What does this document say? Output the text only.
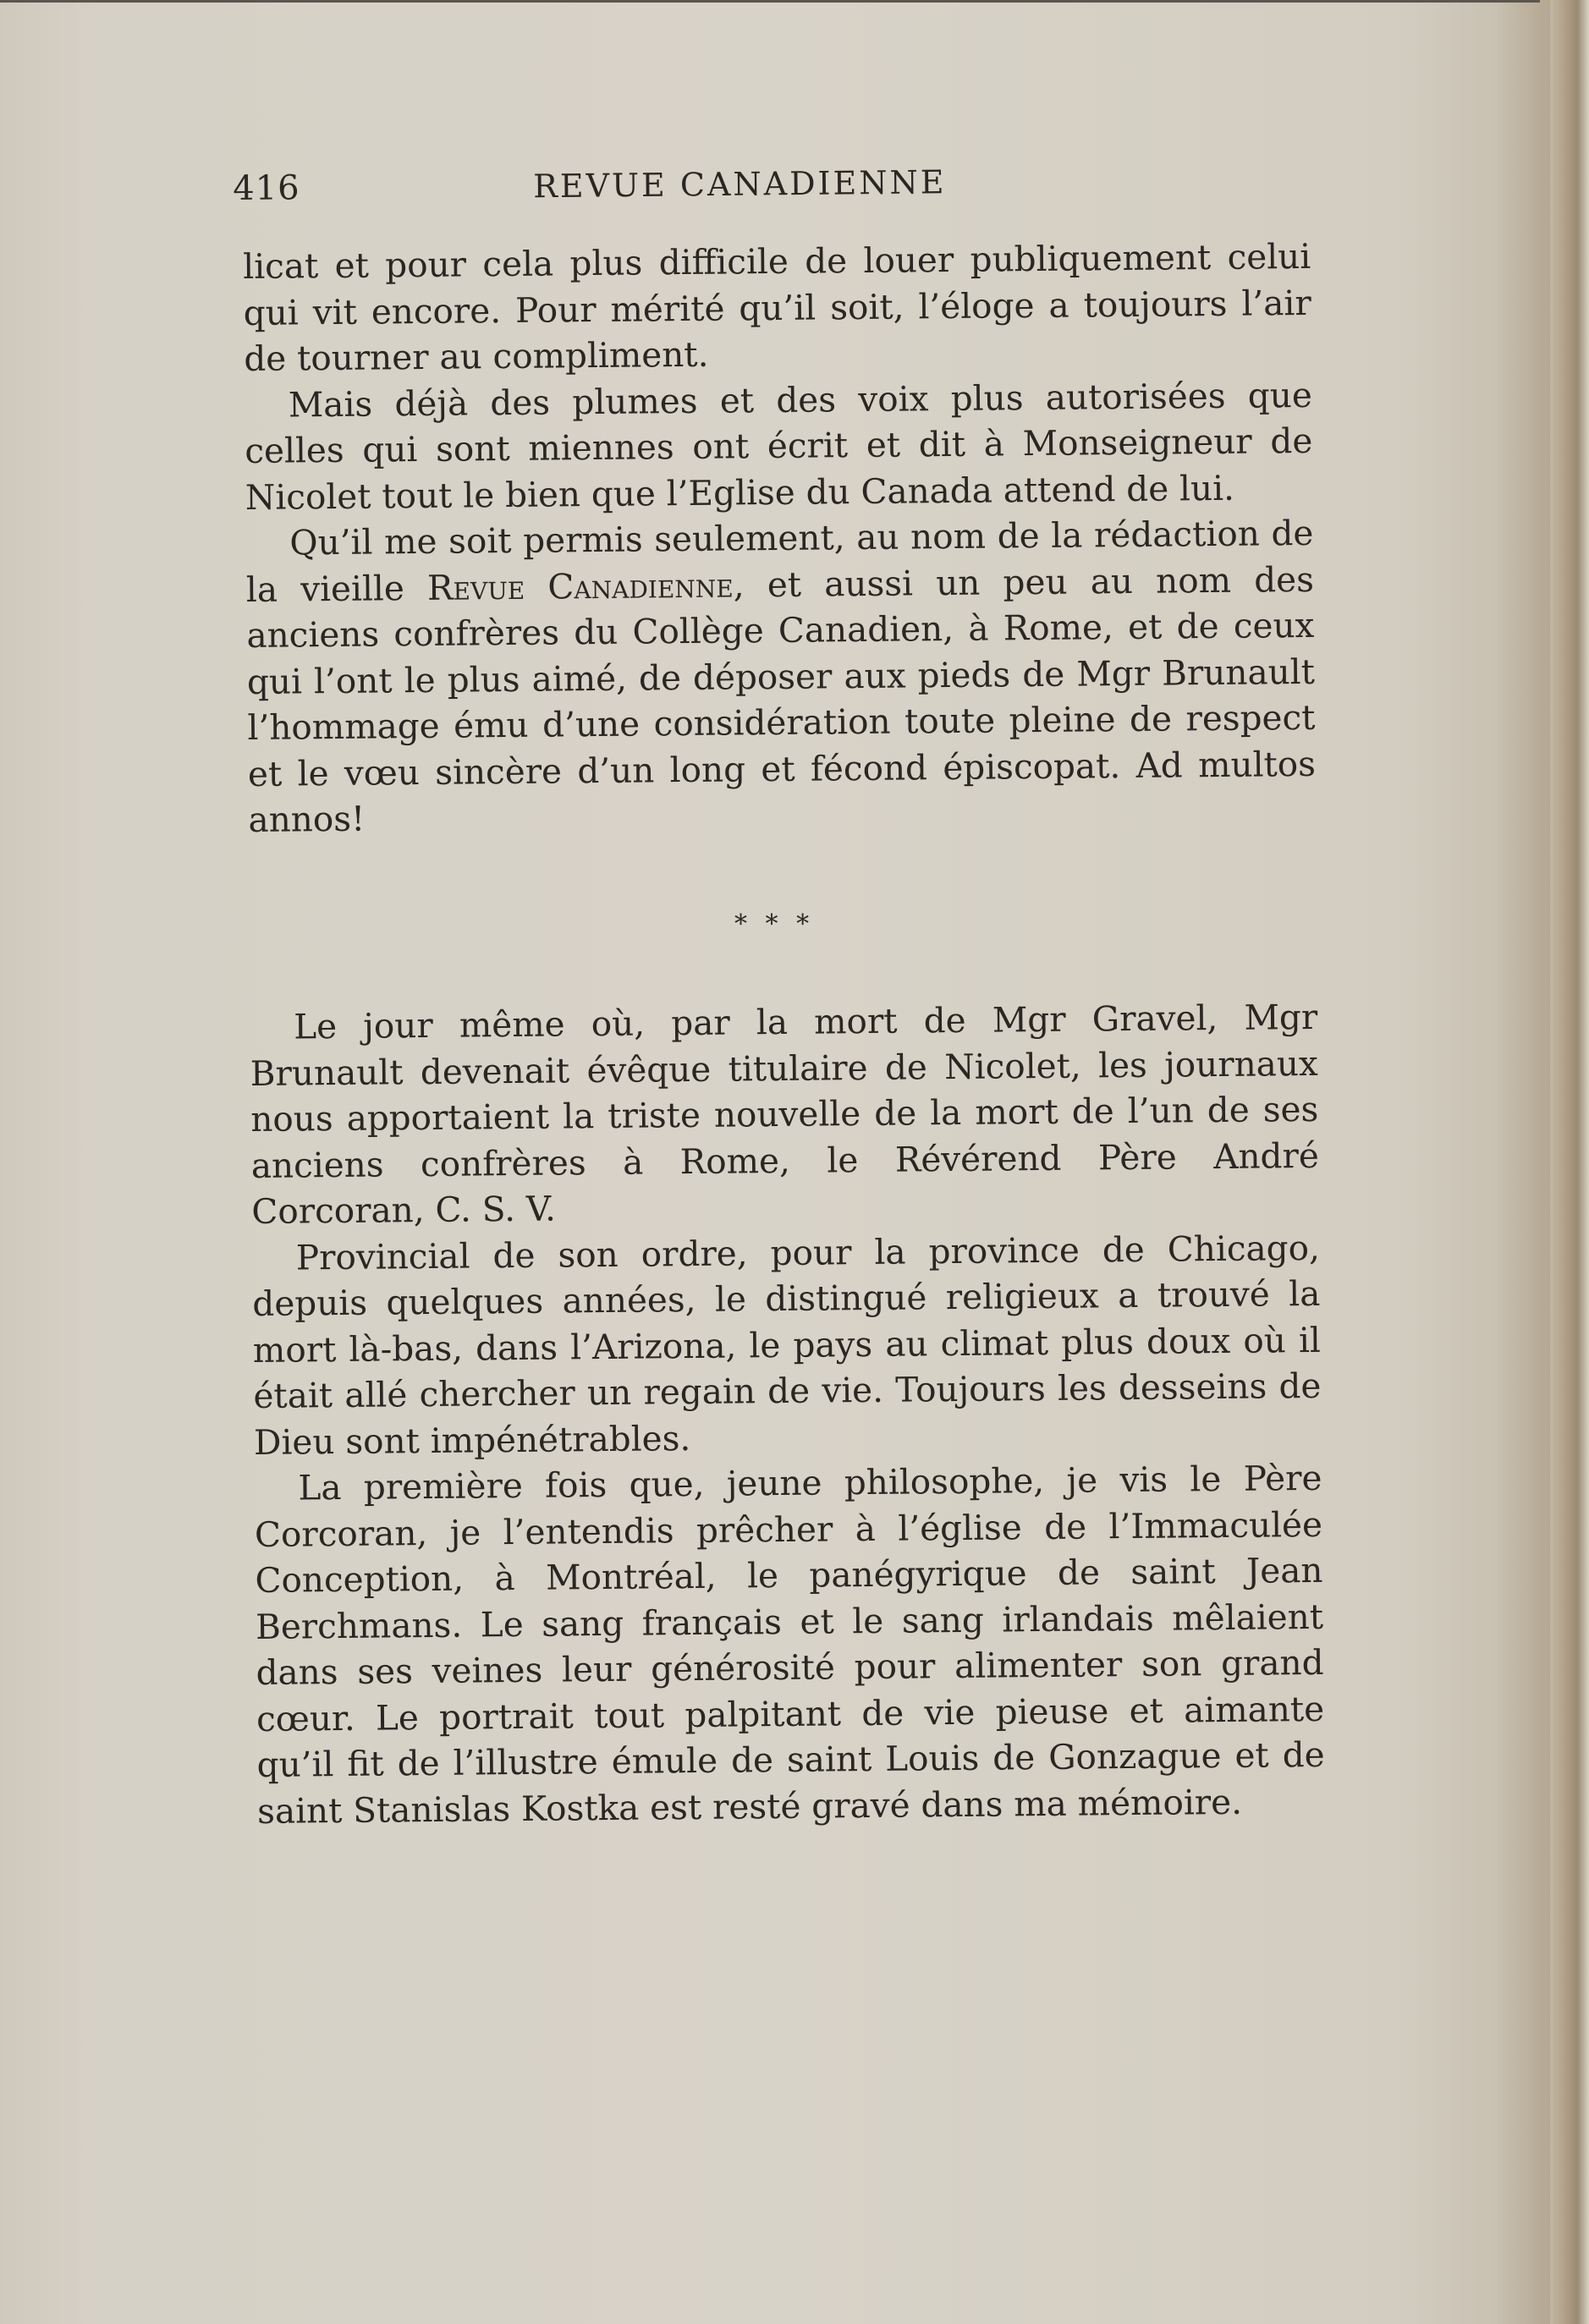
416	REVUE CANADIENNE

licat et pour cela plus difficile de louer publiquement celui qui vit encore. Pour mérité qu’il soit, l’éloge a toujours l’air de tourner au compliment.

Mais déjà des plumes et des voix plus autorisées que celles qui sont miennes ont écrit et dit à Monseigneur de Nicolet tout le bien que l’Eglise du Canada attend de lui.

Qu’il me soit permis seulement, au nom de la rédaction de la vieille Revue Canadienne, et aussi un peu au nom des anciens confrères du Collège Canadien, à Rome, et de ceux qui l’ont le plus aimé, de déposer aux pieds de Mgr Brunault l’hommage ému d’une considération toute pleine de respect et le vœu sincère d’un long et fécond épiscopat. Ad multos annos!

* * *

Le jour même où, par la mort de Mgr Gravel, Mgr Brunault devenait évêque titulaire de Nicolet, les journaux nous apportaient la triste nouvelle de la mort de l’un de ses anciens confrères à Rome, le Révérend Père André Corcoran, C. S. V.

Provincial de son ordre, pour la province de Chicago, depuis quelques années, le distingué religieux a trouvé la mort là-bas, dans l’Arizona, le pays au climat plus doux où il était allé chercher un regain de vie. Toujours les desseins de Dieu sont impénétrables.

La première fois que, jeune philosophe, je vis le Père Corcoran, je l’entendis prêcher à l’église de l’Immaculée Conception, à Montréal, le panégyrique de saint Jean Berchmans. Le sang français et le sang irlandais mêlaient dans ses veines leur générosité pour alimenter son grand cœur. Le portrait tout palpitant de vie pieuse et aimante qu’il fit de l’illustre émule de saint Louis de Gonzague et de saint Stanislas Kostka est resté gravé dans ma mémoire.
